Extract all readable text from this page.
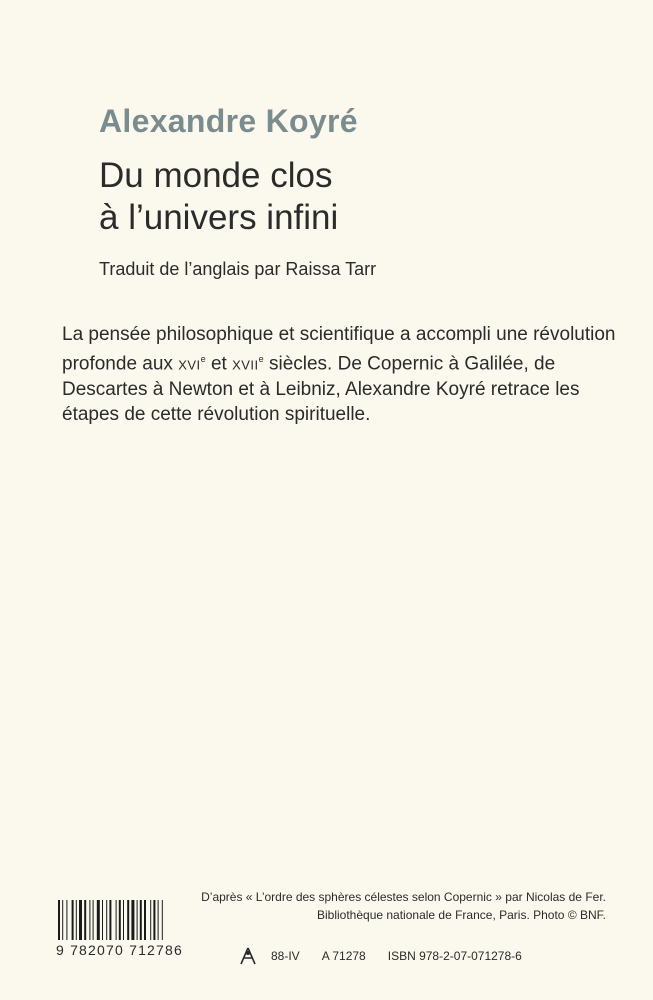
Alexandre Koyré
Du monde clos
à l’univers infini
Traduit de l’anglais par Raissa Tarr

La pensée philosophique et scientifique a accompli une révolution profonde aux XVIe et XVIIe siècles. De Copernic à Galilée, de Descartes à Newton et à Leibniz, Alexandre Koyré retrace les étapes de cette révolution spirituelle.

D’après « L’ordre des sphères célestes selon Copernic » par Nicolas de Fer.
Bibliothèque nationale de France, Paris. Photo © BNF.
9 782070 712786	88-IV A 71278 ISBN 978-2-07-071278-6
